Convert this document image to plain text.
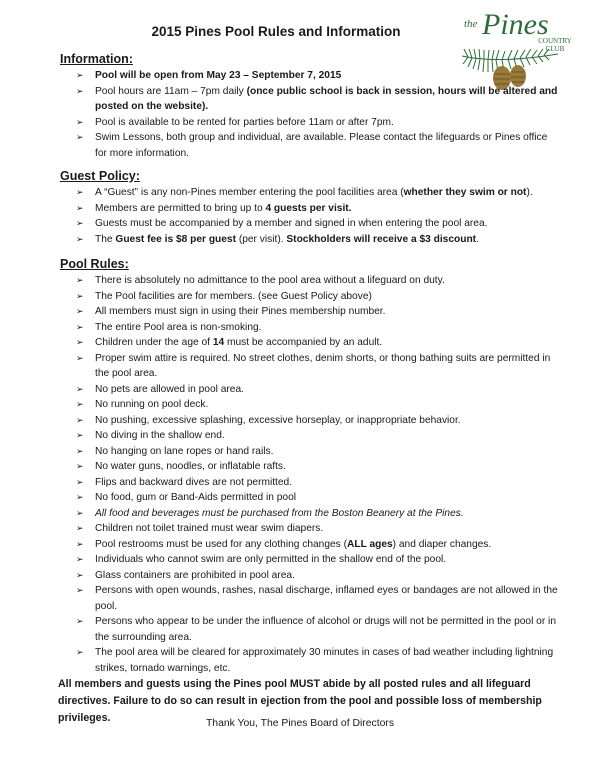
2015 Pines Pool Rules and Information	the Pines
COUNTRY CLUB
Information:
➢ Pool will be open from May 23 – September 7, 2015
➢ Pool hours are 11am – 7pm daily (once public school is back in session, hours will be altered and posted on the website).
➢ Pool is available to be rented for parties before 11am or after 7pm.
➢ Swim Lessons, both group and individual, are available. Please contact the lifeguards or Pines office for more information.
Guest Policy:
➢ A “Guest” is any non-Pines member entering the pool facilities area (whether they swim or not).
➢ Members are permitted to bring up to 4 guests per visit.
➢ Guests must be accompanied by a member and signed in when entering the pool area.
➢ The Guest fee is $8 per guest (per visit). Stockholders will receive a $3 discount.
Pool Rules:
➢ There is absolutely no admittance to the pool area without a lifeguard on duty.
➢ The Pool facilities are for members. (see Guest Policy above)
➢ All members must sign in using their Pines membership number.
➢ The entire Pool area is non-smoking.
➢ Children under the age of 14 must be accompanied by an adult.
➢ Proper swim attire is required. No street clothes, denim shorts, or thong bathing suits are permitted in the pool area.
➢ No pets are allowed in pool area.
➢ No running on pool deck.
➢ No pushing, excessive splashing, excessive horseplay, or inappropriate behavior.
➢ No diving in the shallow end.
➢ No hanging on lane ropes or hand rails.
➢ No water guns, noodles, or inflatable rafts.
➢ Flips and backward dives are not permitted.
➢ No food, gum or Band-Aids permitted in pool
➢ All food and beverages must be purchased from the Boston Beanery at the Pines.
➢ Children not toilet trained must wear swim diapers.
➢ Pool restrooms must be used for any clothing changes (ALL ages) and diaper changes.
➢ Individuals who cannot swim are only permitted in the shallow end of the pool.
➢ Glass containers are prohibited in pool area.
➢ Persons with open wounds, rashes, nasal discharge, inflamed eyes or bandages are not allowed in the pool.
➢ Persons who appear to be under the influence of alcohol or drugs will not be permitted in the pool or in the surrounding area.
➢ The pool area will be cleared for approximately 30 minutes in cases of bad weather including lightning strikes, tornado warnings, etc.
All members and guests using the Pines pool MUST abide by all posted rules and all lifeguard directives. Failure to do so can result in ejection from the pool and possible loss of membership privileges.	Thank You, The Pines Board of Directors
